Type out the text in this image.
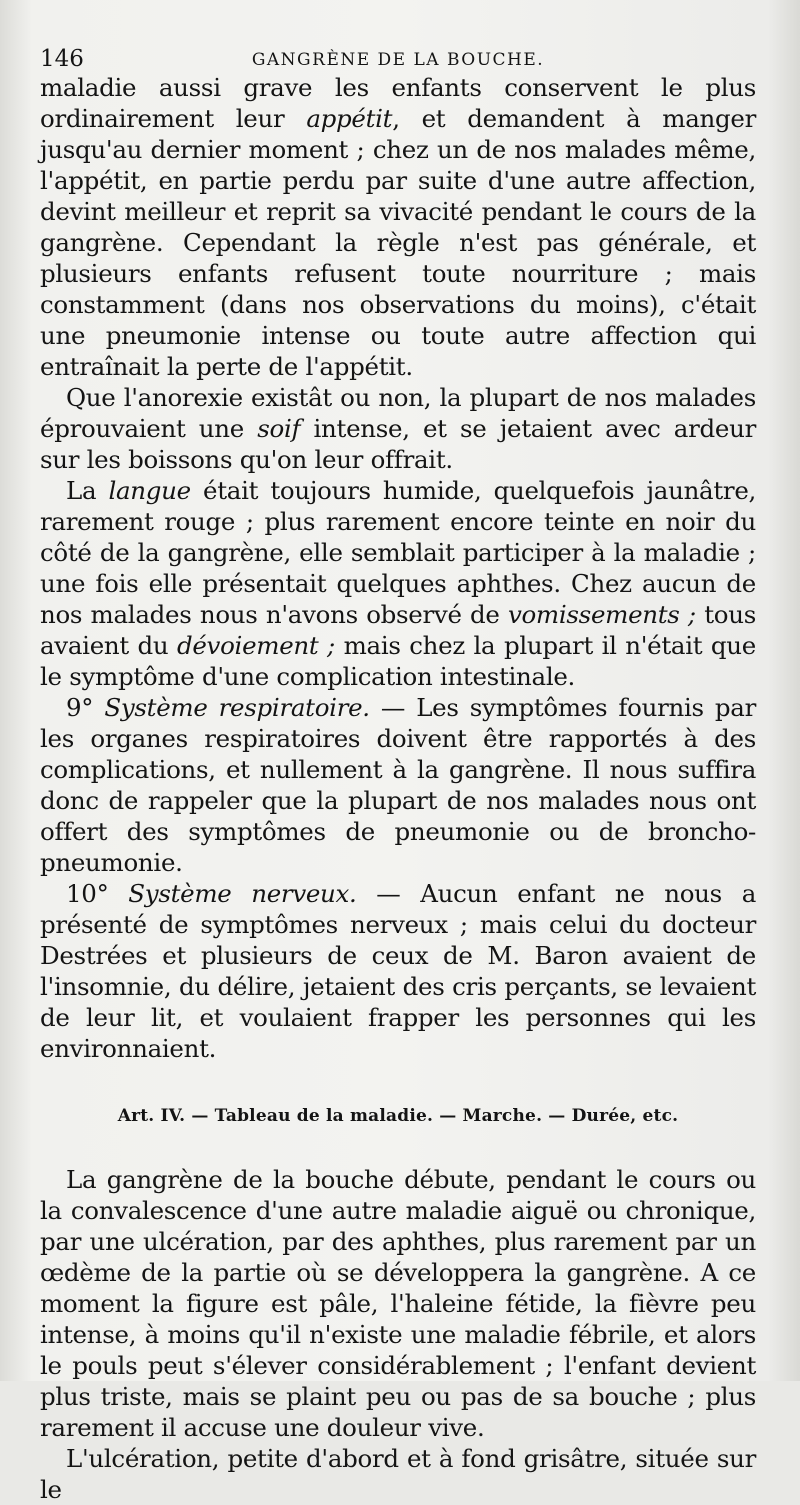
146	GANGRÈNE DE LA BOUCHE.

maladie aussi grave les enfants conservent le plus ordinairement leur appétit, et demandent à manger jusqu'au dernier moment ; chez un de nos malades même, l'appétit, en partie perdu par suite d'une autre affection, devint meilleur et reprit sa vivacité pendant le cours de la gangrène. Cependant la règle n'est pas générale, et plusieurs enfants refusent toute nourriture ; mais constamment (dans nos observations du moins), c'était une pneumonie intense ou toute autre affection qui entraînait la perte de l'appétit.

Que l'anorexie existât ou non, la plupart de nos malades éprouvaient une soif intense, et se jetaient avec ardeur sur les boissons qu'on leur offrait.

La langue était toujours humide, quelquefois jaunâtre, rarement rouge ; plus rarement encore teinte en noir du côté de la gangrène, elle semblait participer à la maladie ; une fois elle présentait quelques aphthes. Chez aucun de nos malades nous n'avons observé de vomissements ; tous avaient du dévoiement ; mais chez la plupart il n'était que le symptôme d'une complication intestinale.

9° Système respiratoire. — Les symptômes fournis par les organes respiratoires doivent être rapportés à des complications, et nullement à la gangrène. Il nous suffira donc de rappeler que la plupart de nos malades nous ont offert des symptômes de pneumonie ou de broncho-pneumonie.

10° Système nerveux. — Aucun enfant ne nous a présenté de symptômes nerveux ; mais celui du docteur Destrées et plusieurs de ceux de M. Baron avaient de l'insomnie, du délire, jetaient des cris perçants, se levaient de leur lit, et voulaient frapper les personnes qui les environnaient.

Art. IV. — Tableau de la maladie. — Marche. — Durée, etc.

La gangrène de la bouche débute, pendant le cours ou la convalescence d'une autre maladie aiguë ou chronique, par une ulcération, par des aphthes, plus rarement par un œdème de la partie où se développera la gangrène. A ce moment la figure est pâle, l'haleine fétide, la fièvre peu intense, à moins qu'il n'existe une maladie fébrile, et alors le pouls peut s'élever considérablement ; l'enfant devient plus triste, mais se plaint peu ou pas de sa bouche ; plus rarement il accuse une douleur vive.

L'ulcération, petite d'abord et à fond grisâtre, située sur le
